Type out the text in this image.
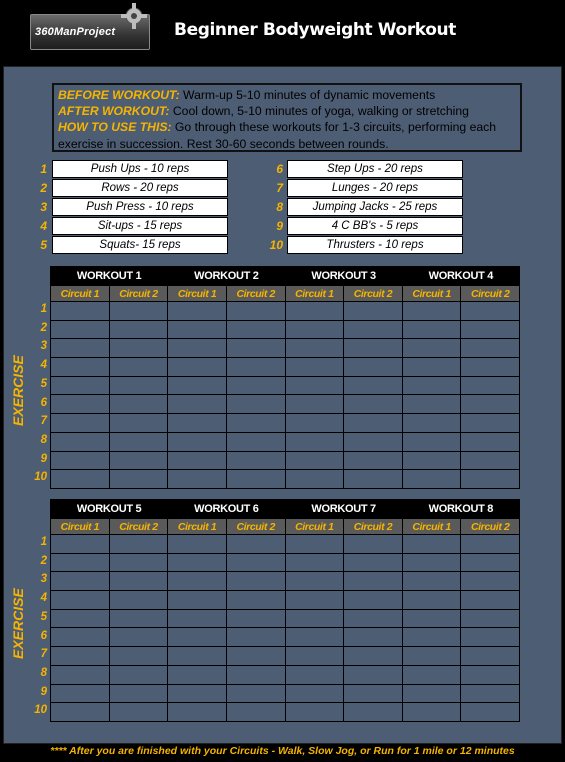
360ManProject	Beginner Bodyweight Workout
BEFORE WORKOUT: Warm-up 5-10 minutes of dynamic movements
AFTER WORKOUT: Cool down, 5-10 minutes of yoga, walking or stretching
HOW TO USE THIS: Go through these workouts for 1-3 circuits, performing each exercise in succession. Rest 30-60 seconds between rounds.
1	Push Ups - 10 reps
2	Rows - 20 reps
3	Push Press - 10 reps
4	Sit-ups - 15 reps
5	Squats- 15 reps
6	Step Ups - 20 reps
7	Lunges - 20 reps
8	Jumping Jacks - 25 reps
9	4 C BB's - 5 reps
10	Thrusters - 10 reps
WORKOUT 1		WORKOUT 2		WORKOUT 3		WORKOUT 4	
Circuit 1	Circuit 2	Circuit 1	Circuit 2	Circuit 1	Circuit 2	Circuit 1	Circuit 2

1
2
3
4
5
6
7
8
9
10
EXERCISE
WORKOUT 5		WORKOUT 6		WORKOUT 7		WORKOUT 8	
Circuit 1	Circuit 2	Circuit 1	Circuit 2	Circuit 1	Circuit 2	Circuit 1	Circuit 2

1
2
3
4
5
6
7
8
9
10
EXERCISE
**** After you are finished with your Circuits - Walk, Slow Jog, or Run for 1 mile or 12 minutes
